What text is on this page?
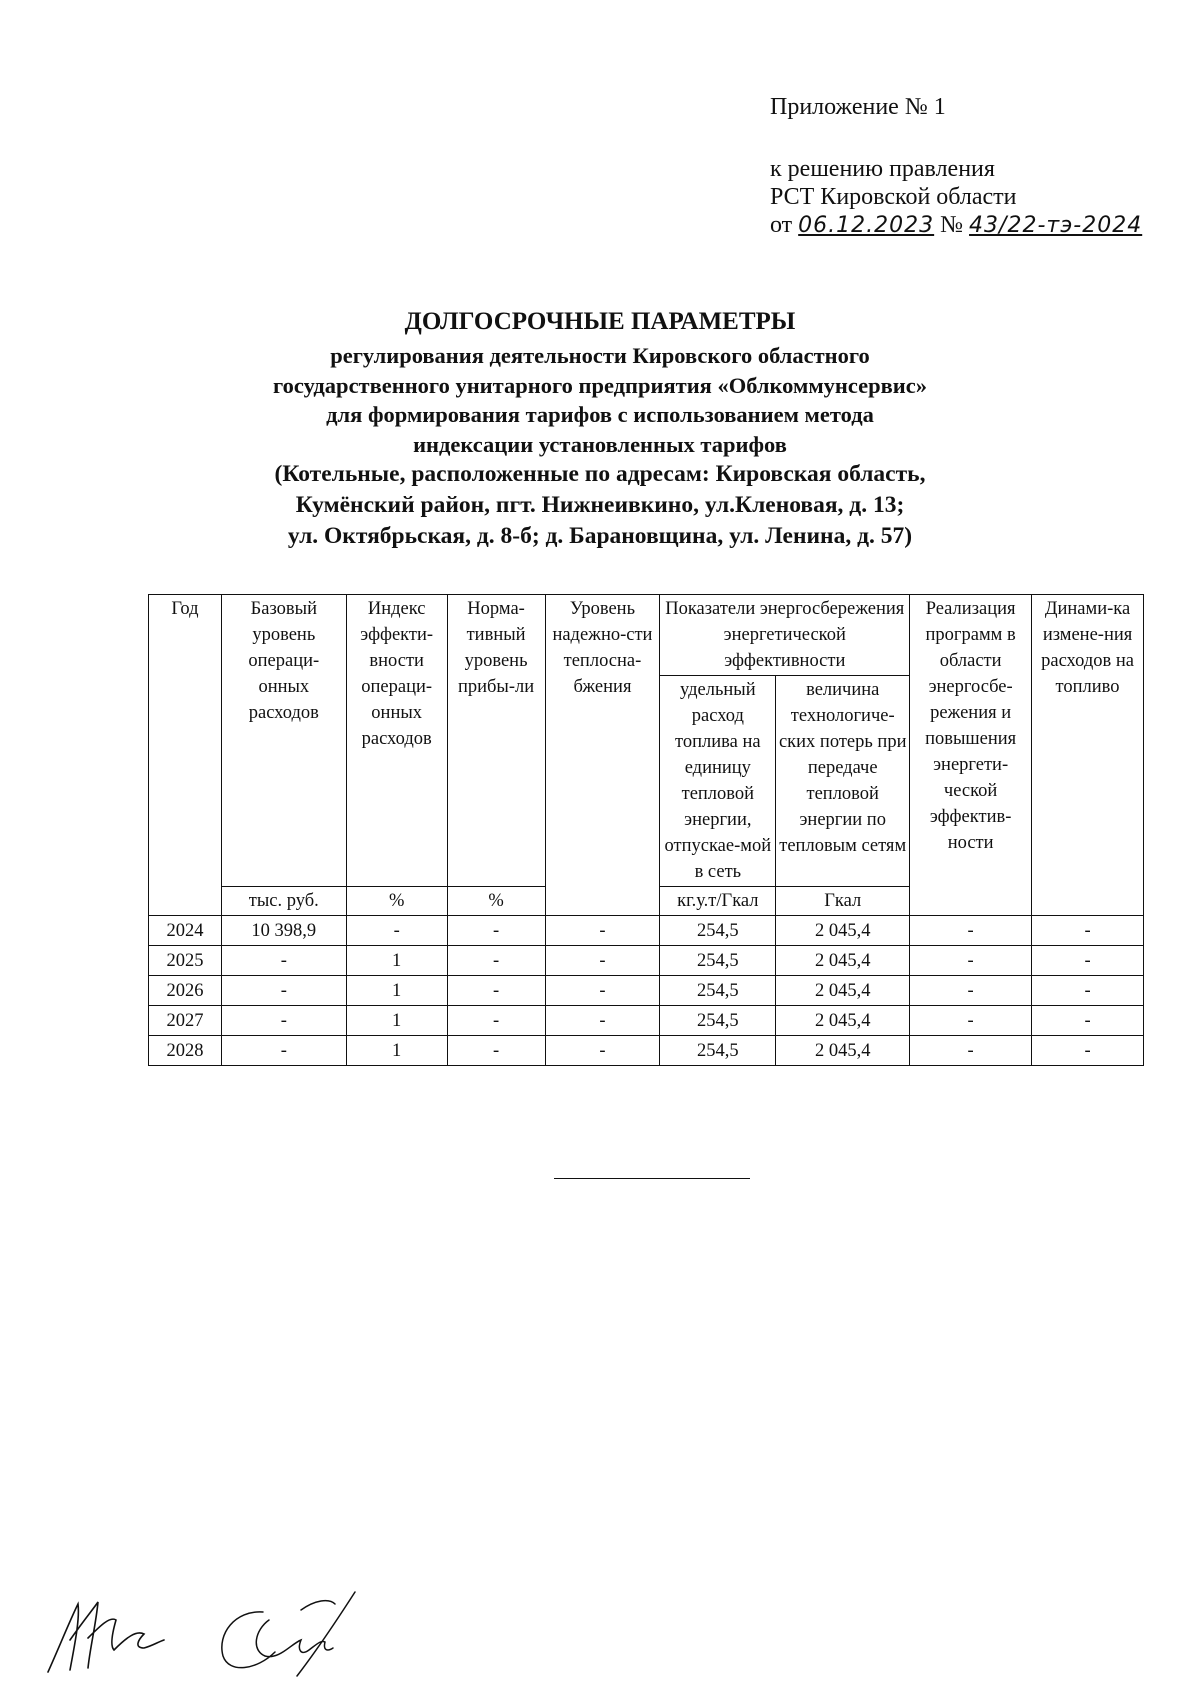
Приложение № 1
к решению правления
РСТ Кировской области
от 06.12.2023 № 43/22-тэ-2024
ДОЛГОСРОЧНЫЕ ПАРАМЕТРЫ
регулирования деятельности Кировского областного
государственного унитарного предприятия «Облкоммунсервис»
для формирования тарифов с использованием метода
индексации установленных тарифов
(Котельные, расположенные по адресам: Кировская область,
Кумёнский район, пгт. Нижнеивкино, ул.Кленовая, д. 13;
ул. Октябрьская, д. 8-б; д. Барановщина, ул. Ленина, д. 57)
Год	Базовый уровень операци-онных расходов	Индекс эффекти-вности операци-онных расходов	Норма-тивный уровень прибы-ли	Уровень надежно-сти теплосна-бжения	Показатели энергосбережения энергетической эффективности		Реализация программ в области энергосбе-режения и повышения энергети-ческой эффектив-ности	Динами-ка измене-ния расходов на топливо
					удельный расход топлива на единицу тепловой энергии, отпускае-мой в сеть	величина технологиче-ских потерь при передаче тепловой энергии по тепловым сетям		
	тыс. руб.	%	%		кг.у.т/Гкал	Гкал		
2024	10 398,9	-	-	-	254,5	2 045,4	-	-
2025	-	1	-	-	254,5	2 045,4	-	-
2026	-	1	-	-	254,5	2 045,4	-	-
2027	-	1	-	-	254,5	2 045,4	-	-
2028	-	1	-	-	254,5	2 045,4	-	-
